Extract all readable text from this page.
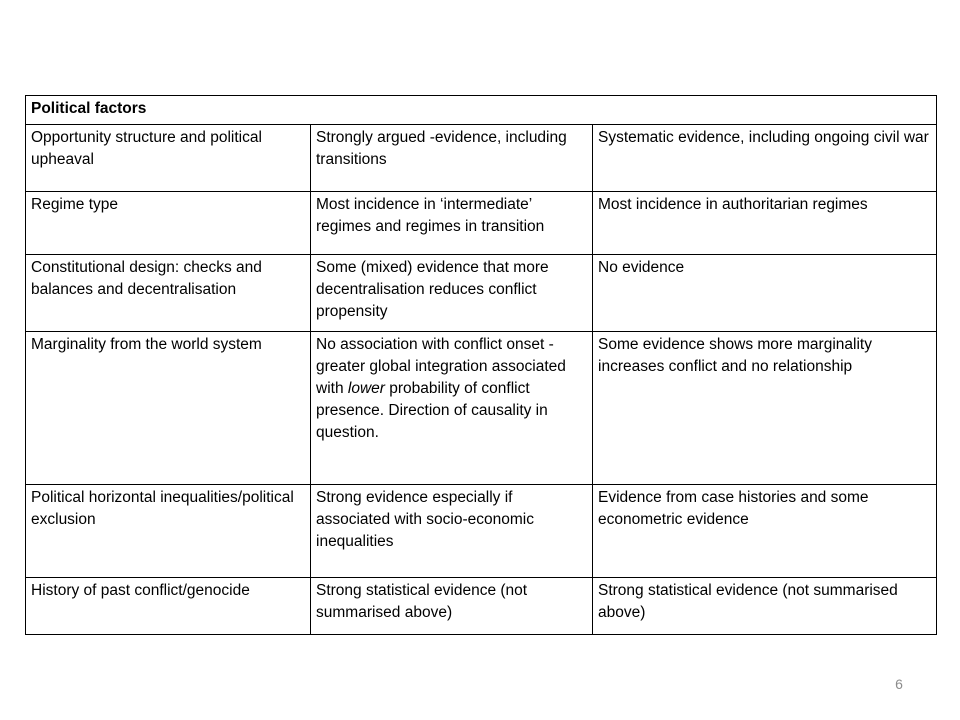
Political factors		
Opportunity structure and political upheaval	Strongly argued -evidence, including transitions	Systematic evidence, including ongoing civil war
Regime type	Most incidence in ‘intermediate’ regimes and regimes in transition	Most incidence in authoritarian regimes
Constitutional design: checks and balances and decentralisation	Some (mixed) evidence that more decentralisation reduces conflict propensity	No evidence
Marginality from the world system	No association with conflict onset - greater global integration associated with lower probability of conflict presence. Direction of causality in question.	Some evidence shows more marginality increases conflict and no relationship
Political horizontal inequalities/political exclusion	Strong evidence especially if associated with socio-economic inequalities	Evidence from case histories and some econometric evidence
History of past conflict/genocide	Strong statistical evidence (not summarised above)	Strong statistical evidence (not summarised above)
6
